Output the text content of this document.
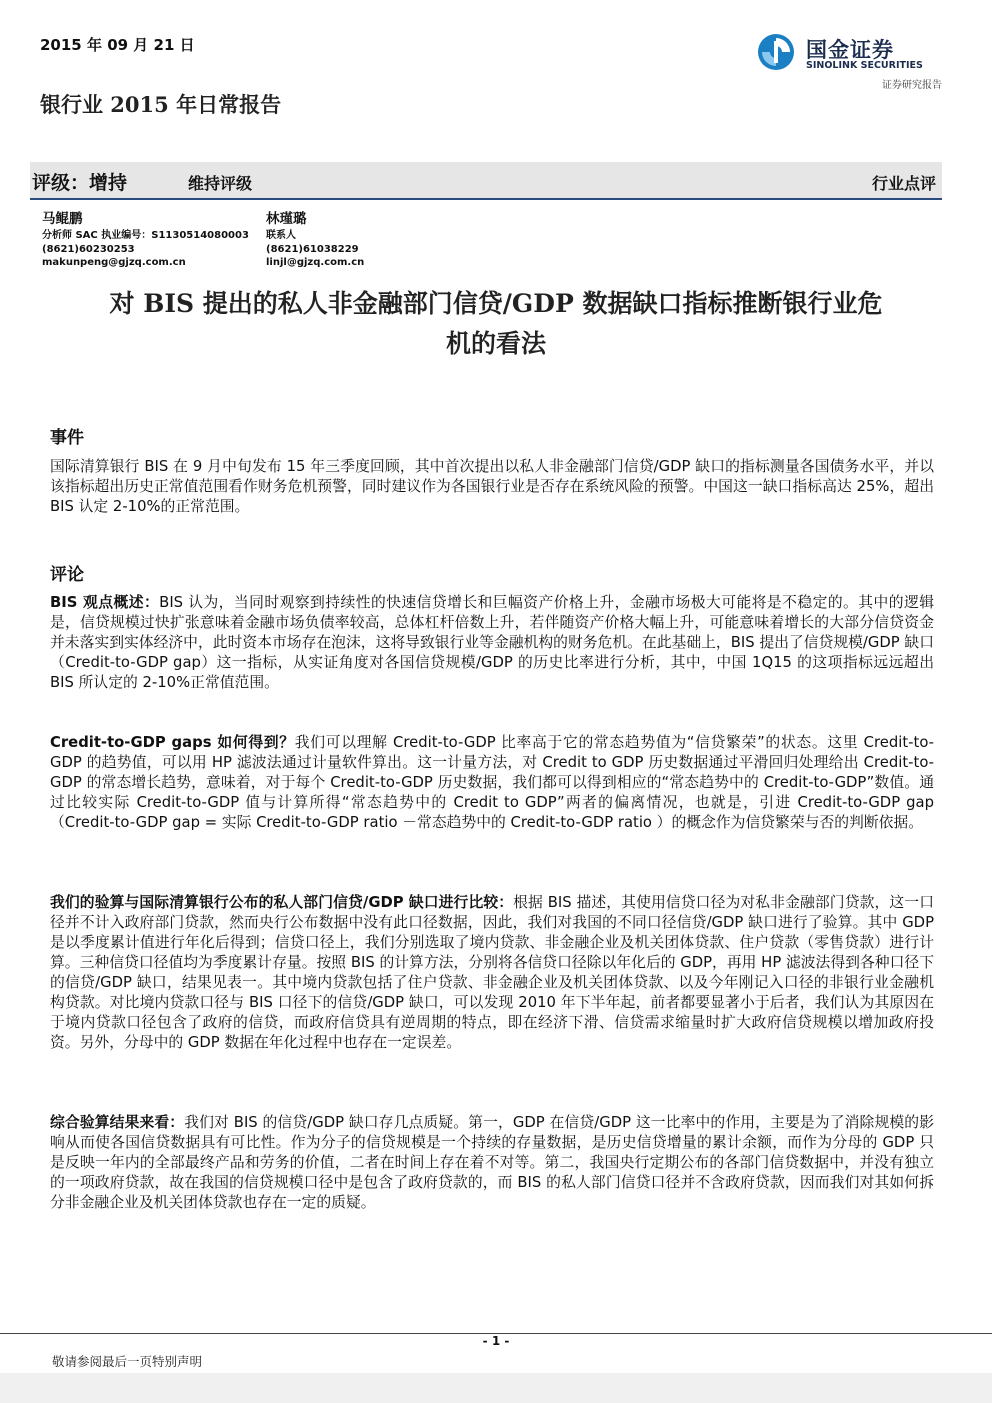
2015 年 09 月 21 日	国金证券
SINOLINK SECURITIES
证券研究报告
银行业 2015 年日常报告
评级：增持	维持评级	行业点评
马鲲鹏
分析师 SAC 执业编号：S1130514080003
(8621)60230253
makunpeng@gjzq.com.cn
林瑾璐
联系人
(8621)61038229
linjl@gjzq.com.cn
对 BIS 提出的私人非金融部门信贷/GDP 数据缺口指标推断银行业危
机的看法
事件
国际清算银行 BIS 在 9 月中旬发布 15 年三季度回顾，其中首次提出以私人非金融部门信贷/GDP 缺口的指标测量各国债务水平，并以该指标超出历史正常值范围看作财务危机预警，同时建议作为各国银行业是否存在系统风险的预警。中国这一缺口指标高达 25%，超出 BIS 认定 2-10%的正常范围。
评论
BIS 观点概述：BIS 认为，当同时观察到持续性的快速信贷增长和巨幅资产价格上升，金融市场极大可能将是不稳定的。其中的逻辑是，信贷规模过快扩张意味着金融市场负债率较高，总体杠杆倍数上升，若伴随资产价格大幅上升，可能意味着增长的大部分信贷资金并未落实到实体经济中，此时资本市场存在泡沫，这将导致银行业等金融机构的财务危机。在此基础上，BIS 提出了信贷规模/GDP 缺口（Credit-to-GDP gap）这一指标，从实证角度对各国信贷规模/GDP 的历史比率进行分析，其中，中国 1Q15 的这项指标远远超出 BIS 所认定的 2-10%正常值范围。
Credit-to-GDP gaps 如何得到？我们可以理解 Credit-to-GDP 比率高于它的常态趋势值为“信贷繁荣”的状态。这里 Credit-to-GDP 的趋势值，可以用 HP 滤波法通过计量软件算出。这一计量方法，对 Credit to GDP 历史数据通过平滑回归处理给出 Credit-to-GDP 的常态增长趋势，意味着，对于每个 Credit-to-GDP 历史数据，我们都可以得到相应的“常态趋势中的 Credit-to-GDP”数值。通过比较实际 Credit-to-GDP 值与计算所得“常态趋势中的 Credit to GDP”两者的偏离情况，也就是，引进 Credit-to-GDP gap （Credit-to-GDP gap = 实际 Credit-to-GDP ratio －常态趋势中的 Credit-to-GDP ratio ）的概念作为信贷繁荣与否的判断依据。
我们的验算与国际清算银行公布的私人部门信贷/GDP 缺口进行比较：根据 BIS 描述，其使用信贷口径为对私非金融部门贷款，这一口径并不计入政府部门贷款，然而央行公布数据中没有此口径数据，因此，我们对我国的不同口径信贷/GDP 缺口进行了验算。其中 GDP 是以季度累计值进行年化后得到；信贷口径上，我们分别选取了境内贷款、非金融企业及机关团体贷款、住户贷款（零售贷款）进行计算。三种信贷口径值均为季度累计存量。按照 BIS 的计算方法，分别将各信贷口径除以年化后的 GDP，再用 HP 滤波法得到各种口径下的信贷/GDP 缺口，结果见表一。其中境内贷款包括了住户贷款、非金融企业及机关团体贷款、以及今年刚记入口径的非银行业金融机构贷款。对比境内贷款口径与 BIS 口径下的信贷/GDP 缺口，可以发现 2010 年下半年起，前者都要显著小于后者，我们认为其原因在于境内贷款口径包含了政府的信贷，而政府信贷具有逆周期的特点，即在经济下滑、信贷需求缩量时扩大政府信贷规模以增加政府投资。另外，分母中的 GDP 数据在年化过程中也存在一定误差。
综合验算结果来看：我们对 BIS 的信贷/GDP 缺口存几点质疑。第一，GDP 在信贷/GDP 这一比率中的作用，主要是为了消除规模的影响从而使各国信贷数据具有可比性。作为分子的信贷规模是一个持续的存量数据，是历史信贷增量的累计余额，而作为分母的 GDP 只是反映一年内的全部最终产品和劳务的价值，二者在时间上存在着不对等。第二，我国央行定期公布的各部门信贷数据中，并没有独立的一项政府贷款，故在我国的信贷规模口径中是包含了政府贷款的，而 BIS 的私人部门信贷口径并不含政府贷款，因而我们对其如何拆分非金融企业及机关团体贷款也存在一定的质疑。
- 1 -
敬请参阅最后一页特别声明
